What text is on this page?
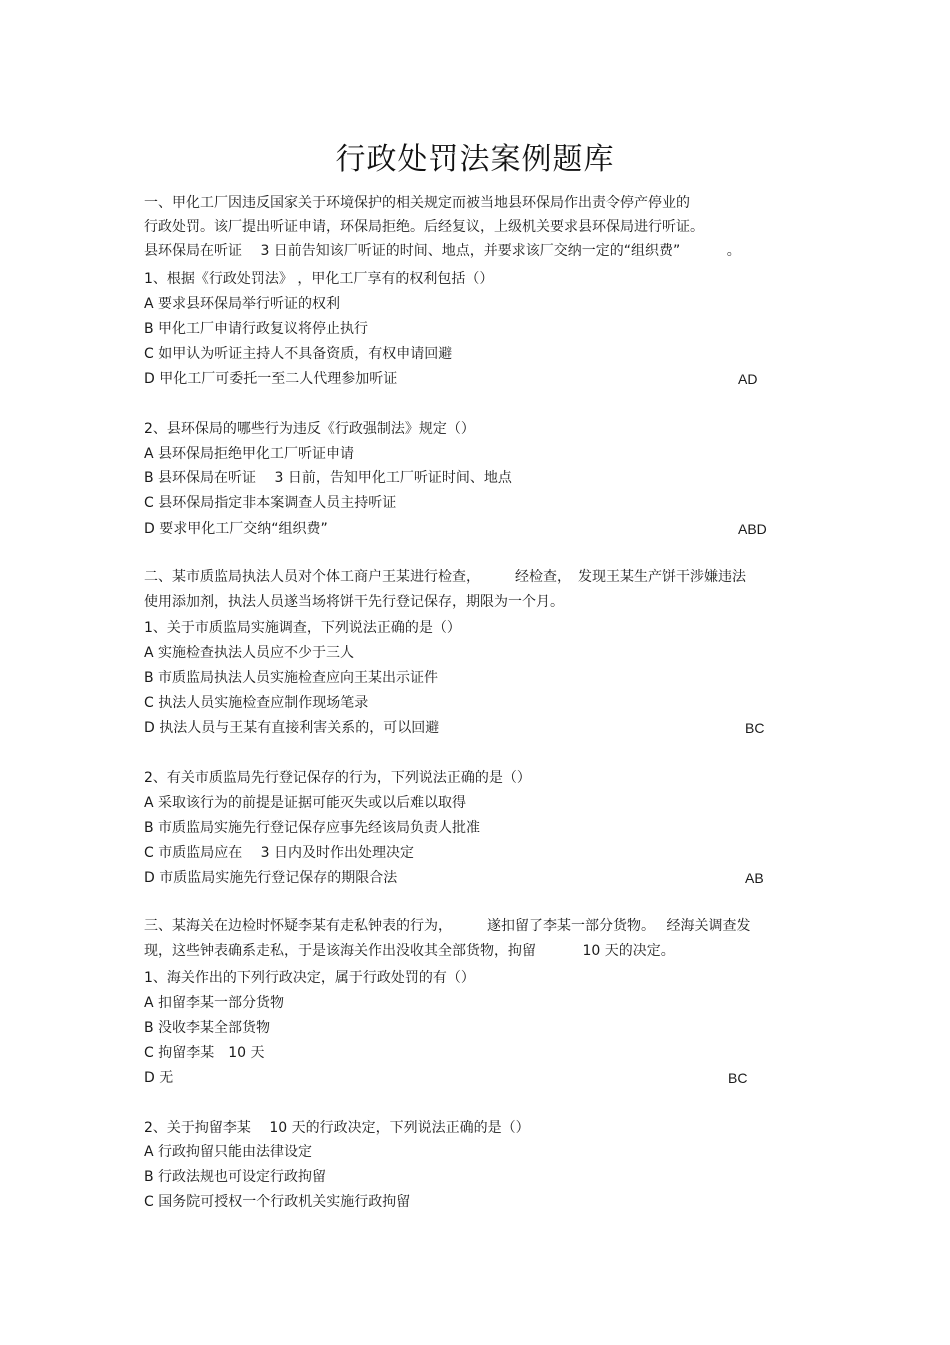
行政处罚法案例题库
一、甲化工厂因违反国家关于环境保护的相关规定而被当地县环保局作出责令停产停业的
行政处罚。该厂提出听证申请，环保局拒绝。后经复议，上级机关要求县环保局进行听证。
县环保局在听证　 3 日前告知该厂听证的时间、地点，并要求该厂交纳一定的“组织费”　　　 。
1、根据《行政处罚法》 ，甲化工厂享有的权利包括（）
A 要求县环保局举行听证的权利
B 甲化工厂申请行政复议将停止执行
C 如甲认为听证主持人不具备资质，有权申请回避
D 甲化工厂可委托一至二人代理参加听证	AD
2、县环保局的哪些行为违反《行政强制法》规定（）
A 县环保局拒绝甲化工厂听证申请
B 县环保局在听证　 3 日前，告知甲化工厂听证时间、地点
C 县环保局指定非本案调查人员主持听证
D 要求甲化工厂交纳“组织费”	ABD
二、某市质监局执法人员对个体工商户王某进行检查，　　　经检查，　发现王某生产饼干涉嫌违法
使用添加剂，执法人员遂当场将饼干先行登记保存，期限为一个月。
1、关于市质监局实施调查，下列说法正确的是（）
A 实施检查执法人员应不少于三人
B 市质监局执法人员实施检查应向王某出示证件
C 执法人员实施检查应制作现场笔录
D 执法人员与王某有直接利害关系的，可以回避	BC
2、有关市质监局先行登记保存的行为，下列说法正确的是（）
A 采取该行为的前提是证据可能灭失或以后难以取得
B 市质监局实施先行登记保存应事先经该局负责人批准
C 市质监局应在　 3 日内及时作出处理决定
D 市质监局实施先行登记保存的期限合法	AB
三、某海关在边检时怀疑李某有走私钟表的行为，　　　遂扣留了李某一部分货物。　 经海关调查发
现，这些钟表确系走私，于是该海关作出没收其全部货物，拘留　　　 10 天的决定。
1、海关作出的下列行政决定，属于行政处罚的有（）
A 扣留李某一部分货物
B 没收李某全部货物
C 拘留李某　10 天
D 无	BC
2、关于拘留李某　 10 天的行政决定，下列说法正确的是（）
A 行政拘留只能由法律设定
B 行政法规也可设定行政拘留
C 国务院可授权一个行政机关实施行政拘留
